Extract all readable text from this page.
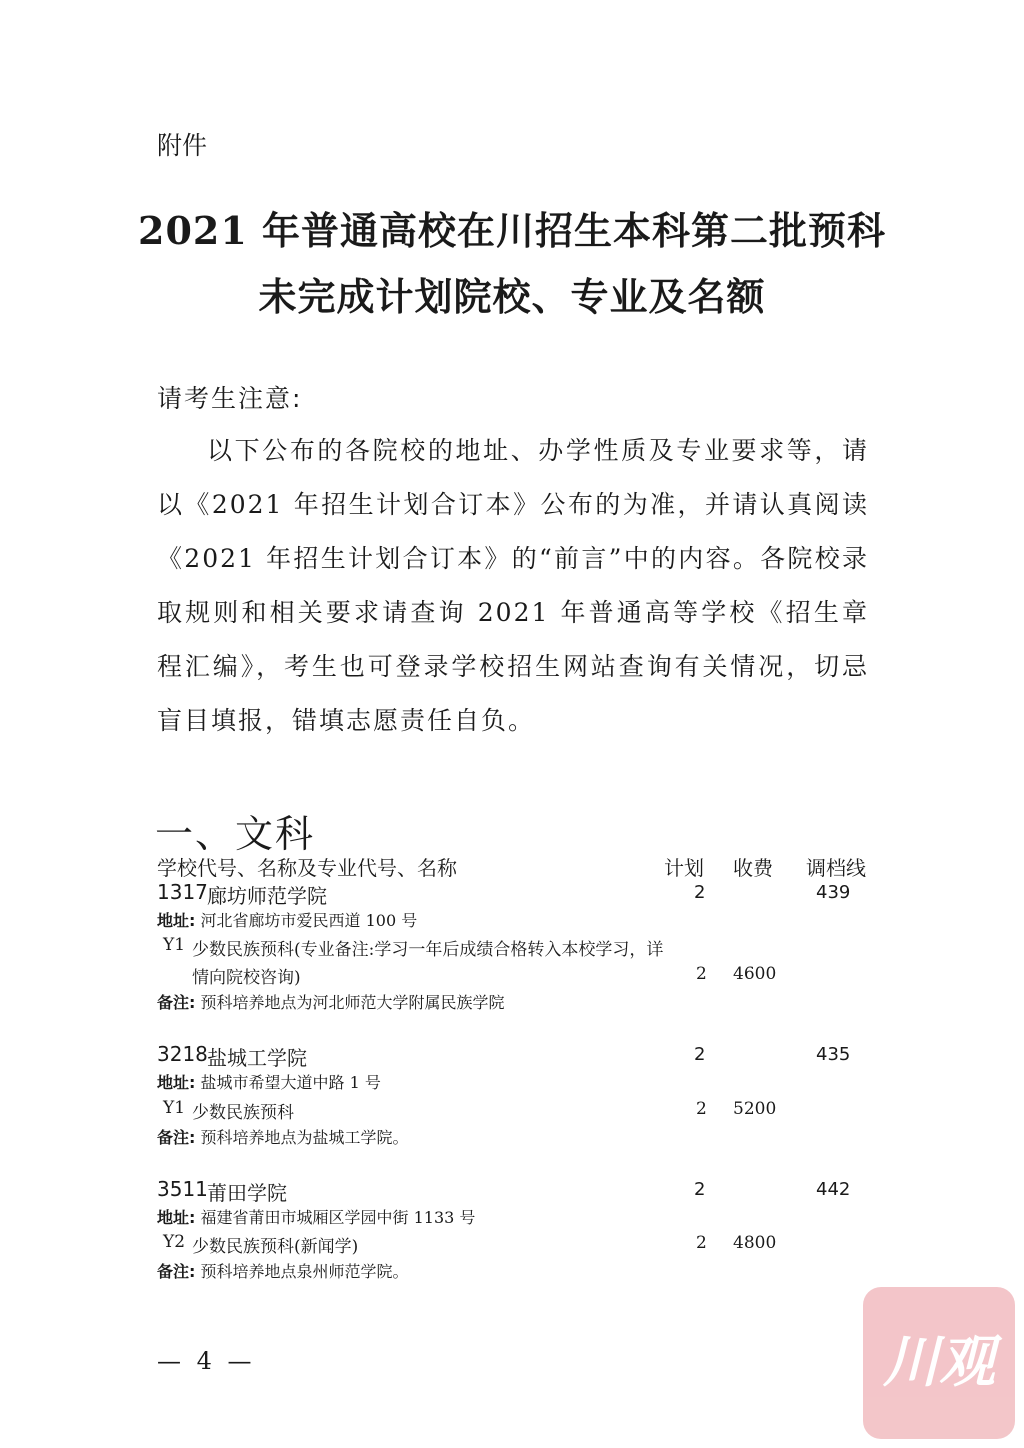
附件
2021 年普通高校在川招生本科第二批预科
未完成计划院校、专业及名额
请考生注意:
以下公布的各院校的地址、办学性质及专业要求等，请以《2021 年招生计划合订本》公布的为准，并请认真阅读《2021 年招生计划合订本》的“前言”中的内容。各院校录取规则和相关要求请查询 2021 年普通高等学校《招生章程汇编》，考生也可登录学校招生网站查询有关情况，切忌盲目填报，错填志愿责任自负。
一、文科
学校代号、名称及专业代号、名称	计划 收费 调档线
1317 廊坊师范学院	2	439
地址: 河北省廊坊市爱民西道 100 号
Y1 少数民族预科(专业备注:学习一年后成绩合格转入本校学习，详
情向院校咨询)	2 4600
备注: 预科培养地点为河北师范大学附属民族学院
3218 盐城工学院	2	435
地址: 盐城市希望大道中路 1 号
Y1 少数民族预科	2 5200
备注: 预科培养地点为盐城工学院。
3511 莆田学院	2	442
地址: 福建省莆田市城厢区学园中街 1133 号
Y2 少数民族预科(新闻学)	2 4800
备注: 预科培养地点泉州师范学院。
— 4 —	川观
